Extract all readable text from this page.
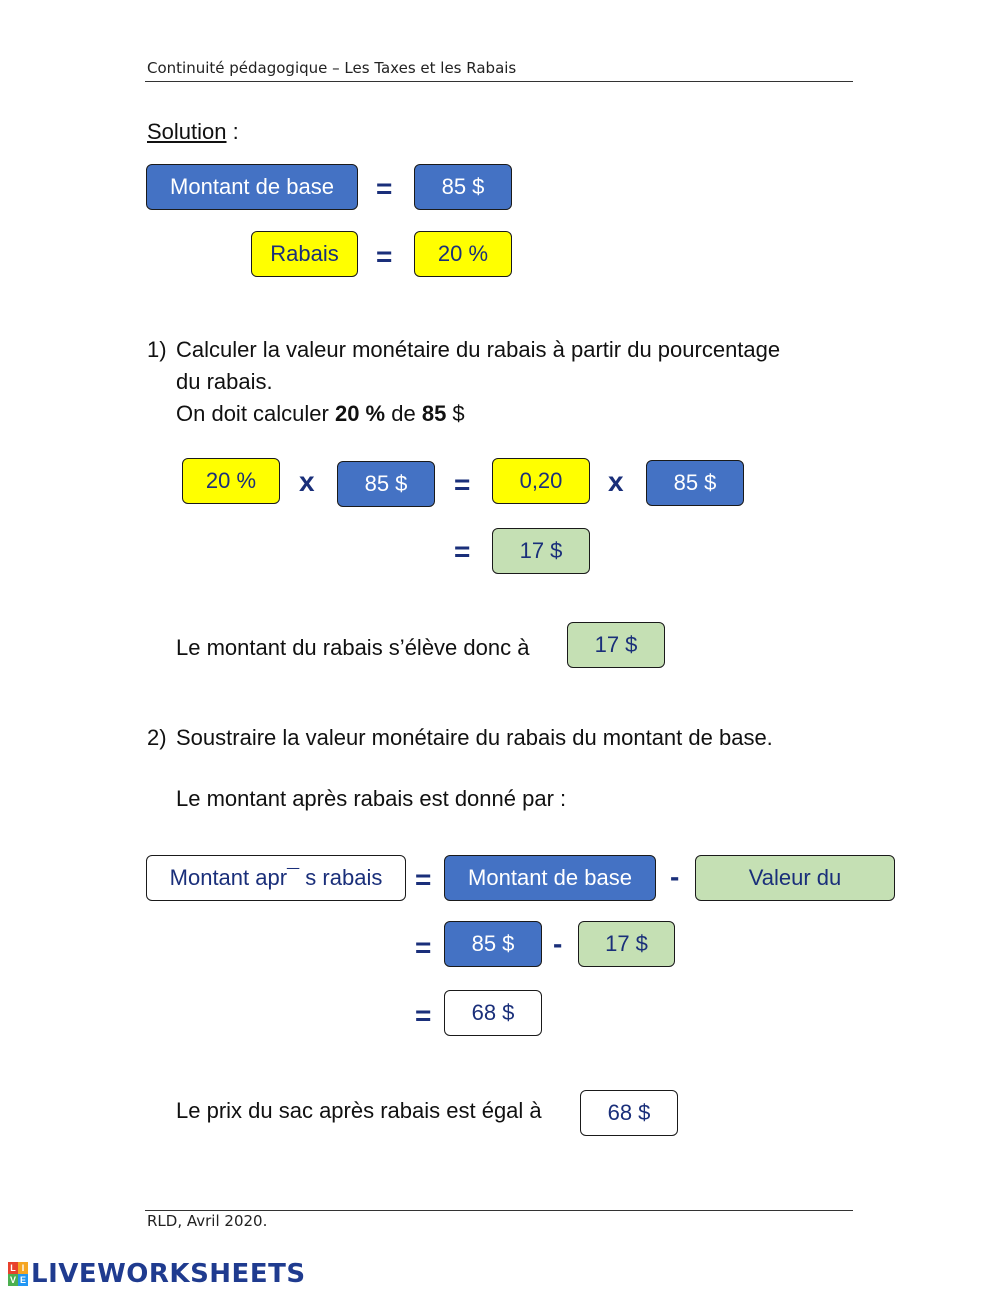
Continuité pédagogique – Les Taxes et les Rabais
Solution :
Montant de base	=	85 $
Rabais	=	20 %
1) Calculer la valeur monétaire du rabais à partir du pourcentage
du rabais.
On doit calculer 20 % de 85 $
20 %	x	85 $	=	0,20	x	85 $
=	17 $
Le montant du rabais s’élève donc à	17 $
2) Soustraire la valeur monétaire du rabais du montant de base.
Le montant après rabais est donné par :
Montant apr¯ s rabais	=	Montant de base	-	Valeur du
=	85 $	-	17 $
=	68 $
Le prix du sac après rabais est égal à	68 $
RLD, Avril 2020.
L I
V E LIVEWORKSHEETS
